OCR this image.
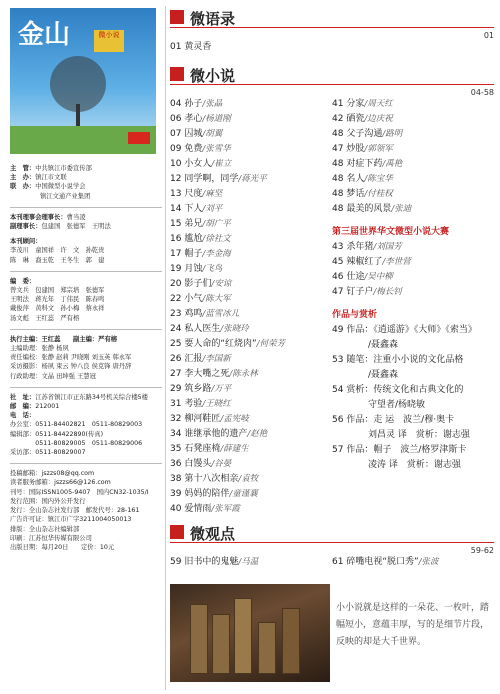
金山	微小说
主　管：中共镇江市委宣传部
主　办：镇江市文联
联　办：中国微型小说学会
镇江文通产业集团
本刊理事会理事长：曹当凌
副理事长：包建国　张德军　王明法
本刊顾问：
李茂川　童国祥　许　文　孙乾贵
陈　琳　裔玉乾　王冬生　郭　建
编　委：
曾文兵　包建国　郑宗培　张德军
王明法　蒋光年　丁伟民　陈春鸣
戴俊萍　黄科文　孙小梅　蔡永祥
汤文彪　王红蕊　严有榕
执行主编：王红蕊　　副主编：严有榕
主编助理：张静 杨夙
责任编校：张静 赵莉 尹晓刚 刘玉英 韩永军
采访摄影：杨夙 束云 钟八良 侯克锋 唐丹辞
行政助理：文晶 田坤强 王慧冠
社　址：江苏省镇江市正东路34号机关综合楼5楼
邮　编：212001
电　话：
办公室：0511-84402821　0511-80829003
编辑部：0511-84422890(传真)
　　　　0511-80829005　0511-80829006
采访部：0511-80829007
投稿邮箱：jszzs08@qq.com
读者服务邮箱：jszzs66@126.com
刊号：国际ISSN1005-9407　国内CN32-1035/I
发行范围：国内外公开发行
发行：全山杂志社发行部　邮发代号：28-161
广告许可证：镇江市广字3211004050013
排版：全山杂志社编辑部
印刷：江苏恒华传媒有限公司
出版日期：每月20日　　定价：10元
微语录
01
01 黄灵香
微小说
04-58
04 孙子/张晶
06 孝心/杨道刚
07 囚城/胡翼
09 免费/张雪华
10 小女人/崔立
12 同学啊，同学/蒋光平
13 尺度/麻坚
14 下人/刘平
15 弟兄/胡广平
16 尴尬/徐社文
17 帽子/李金海
19 月蚀/飞鸟
20 影子们/安谅
22 小气/陈大军
23 鸡鸣/蓝雪冰儿
24 私人医生/张晓玲
25 要人命的“红烧肉”/何荣芳
26 汇报/李国新
27 李大嘴之死/陈永林
29 筑乡路/万平
31 考验/王晓红
32 柳河鞋匠/孟宪岐
34 谁继承他的遗产/赵艳
35 石凳座椅/薛建生
36 白馒头/谷晏
38 第十八次相亲/袁牧
39 妈妈的陪伴/童谨襄
40 爱情雨/张军霞
41 分家/周天红
42 硒瓷/边庆祝
48 父子沟通/路明
47 炒股/郭领军
48 对症下药/禹艳
48 名人/陈宝华
48 梦话/付桂权
48 最美的风景/张迪
第三届世界华文微型小说大赛
43 杀年猪/刘国芳
45 辣椒红了/李世营
46 仕途/吴中柳
47 钉子户/梅长钊
作品与赏析
49 作品：《逍遥游》《大师》《索当》
　　　　/聂鑫森
53 随笔：注重小小说的文化品格
　　　　/聂鑫森
54 赏析：传统文化和古典文化的
　　　　守望者/杨晓敏
56 作品：走 运　波兰/穆·奥卡
　　　　刘昌灵 译　赏析：谢志强
57 作品：帽子　波兰/格罗津斯卡
　　　　凌涛 译　赏析：谢志强
微观点
59-62
59 旧书中的鬼魅/马温	61 碎嘴电视“脱口秀”/张波
小小说就是这样的一朵花、一枚叶，踏幅短小，意蕴丰厚，写的是细节片段，反映的却是大千世界。
